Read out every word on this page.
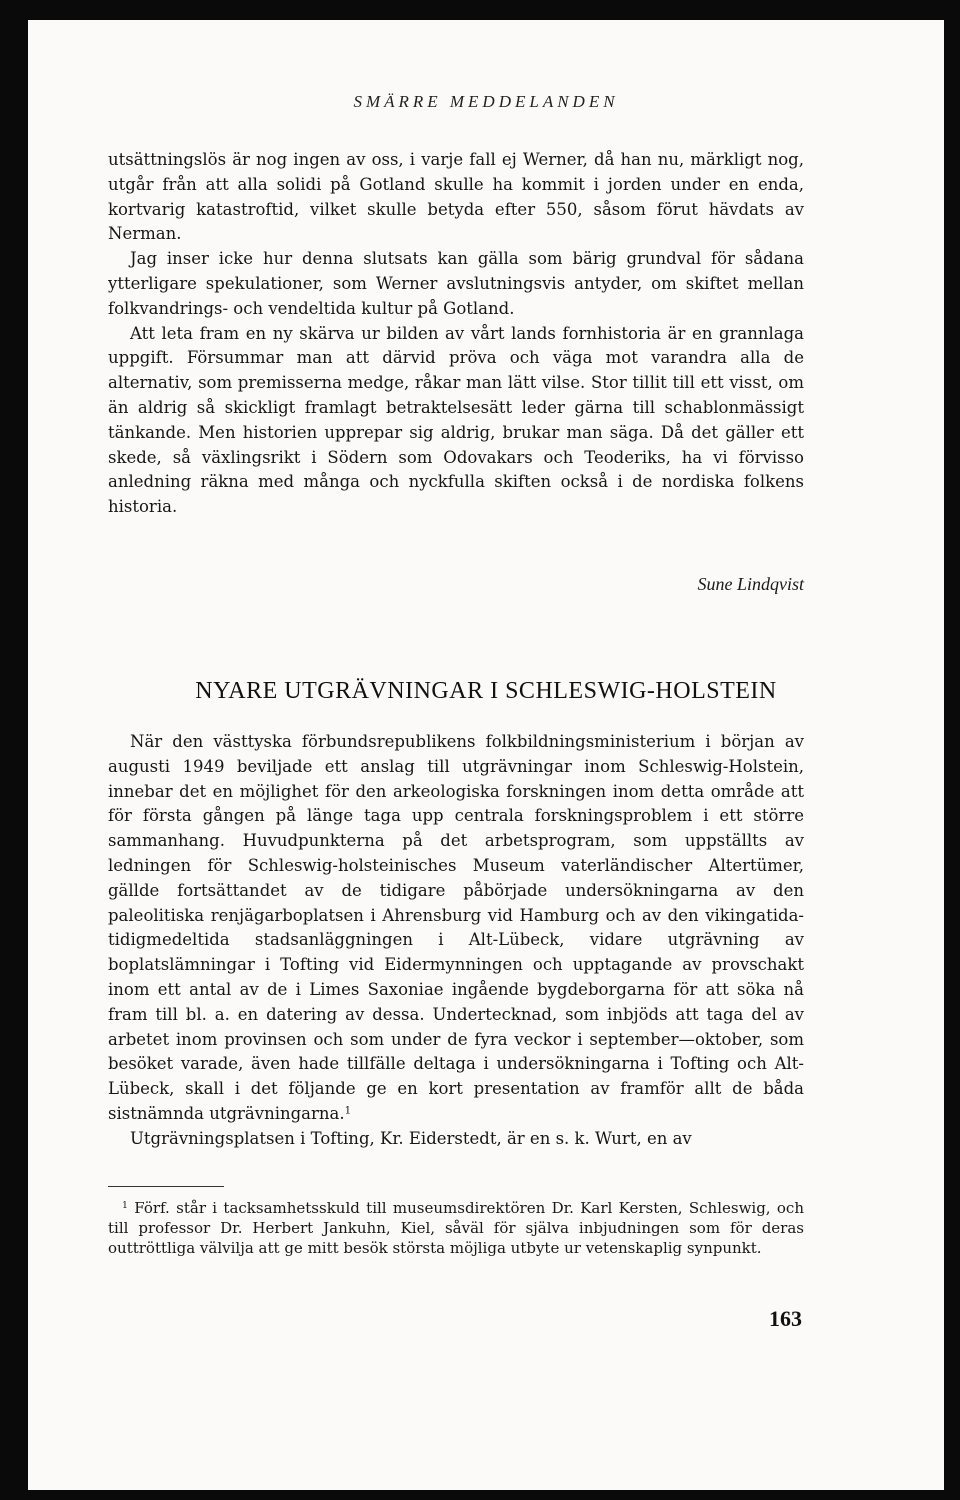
SMÄRRE MEDDELANDEN

utsättningslös är nog ingen av oss, i varje fall ej Werner, då han nu, märkligt nog, utgår från att alla solidi på Gotland skulle ha kommit i jorden under en enda, kortvarig katastroftid, vilket skulle betyda efter 550, såsom förut hävdats av Nerman.

Jag inser icke hur denna slutsats kan gälla som bärig grundval för sådana ytterligare spekulationer, som Werner avslutningsvis antyder, om skiftet mellan folkvandrings- och vendeltida kultur på Gotland.

Att leta fram en ny skärva ur bilden av vårt lands fornhistoria är en grannlaga uppgift. Försummar man att därvid pröva och väga mot varandra alla de alternativ, som premisserna medge, råkar man lätt vilse. Stor tillit till ett visst, om än aldrig så skickligt framlagt betraktelsesätt leder gärna till schablonmässigt tänkande. Men historien upprepar sig aldrig, brukar man säga. Då det gäller ett skede, så växlingsrikt i Södern som Odovakars och Teoderiks, ha vi förvisso anledning räkna med många och nyckfulla skiften också i de nordiska folkens historia.

Sune Lindqvist
NYARE UTGRÄVNINGAR I SCHLESWIG-HOLSTEIN

När den västtyska förbundsrepublikens folkbildningsministerium i början av augusti 1949 beviljade ett anslag till utgrävningar inom Schleswig-Holstein, innebar det en möjlighet för den arkeologiska forskningen inom detta område att för första gången på länge taga upp centrala forskningsproblem i ett större sammanhang. Huvudpunkterna på det arbetsprogram, som uppställts av ledningen för Schleswig-holsteinisches Museum vaterländischer Altertümer, gällde fortsättandet av de tidigare påbörjade undersökningarna av den paleolitiska renjägarboplatsen i Ahrensburg vid Hamburg och av den vikingatida-tidigmedeltida stadsanläggningen i Alt-Lübeck, vidare utgrävning av boplatslämningar i Tofting vid Eidermynningen och upptagande av provschakt inom ett antal av de i Limes Saxoniae ingående bygdeborgarna för att söka nå fram till bl. a. en datering av dessa. Undertecknad, som inbjöds att taga del av arbetet inom provinsen och som under de fyra veckor i september—oktober, som besöket varade, även hade tillfälle deltaga i undersökningarna i Tofting och Alt-Lübeck, skall i det följande ge en kort presentation av framför allt de båda sistnämnda utgrävningarna.$^1$

Utgrävningsplatsen i Tofting, Kr. Eiderstedt, är en s. k. Wurt, en av

$^1$ Förf. står i tacksamhetsskuld till museumsdirektören Dr. Karl Kersten, Schleswig, och till professor Dr. Herbert Jankuhn, Kiel, såväl för själva inbjudningen som för deras outtröttliga välvilja att ge mitt besök största möjliga utbyte ur vetenskaplig synpunkt.

163
